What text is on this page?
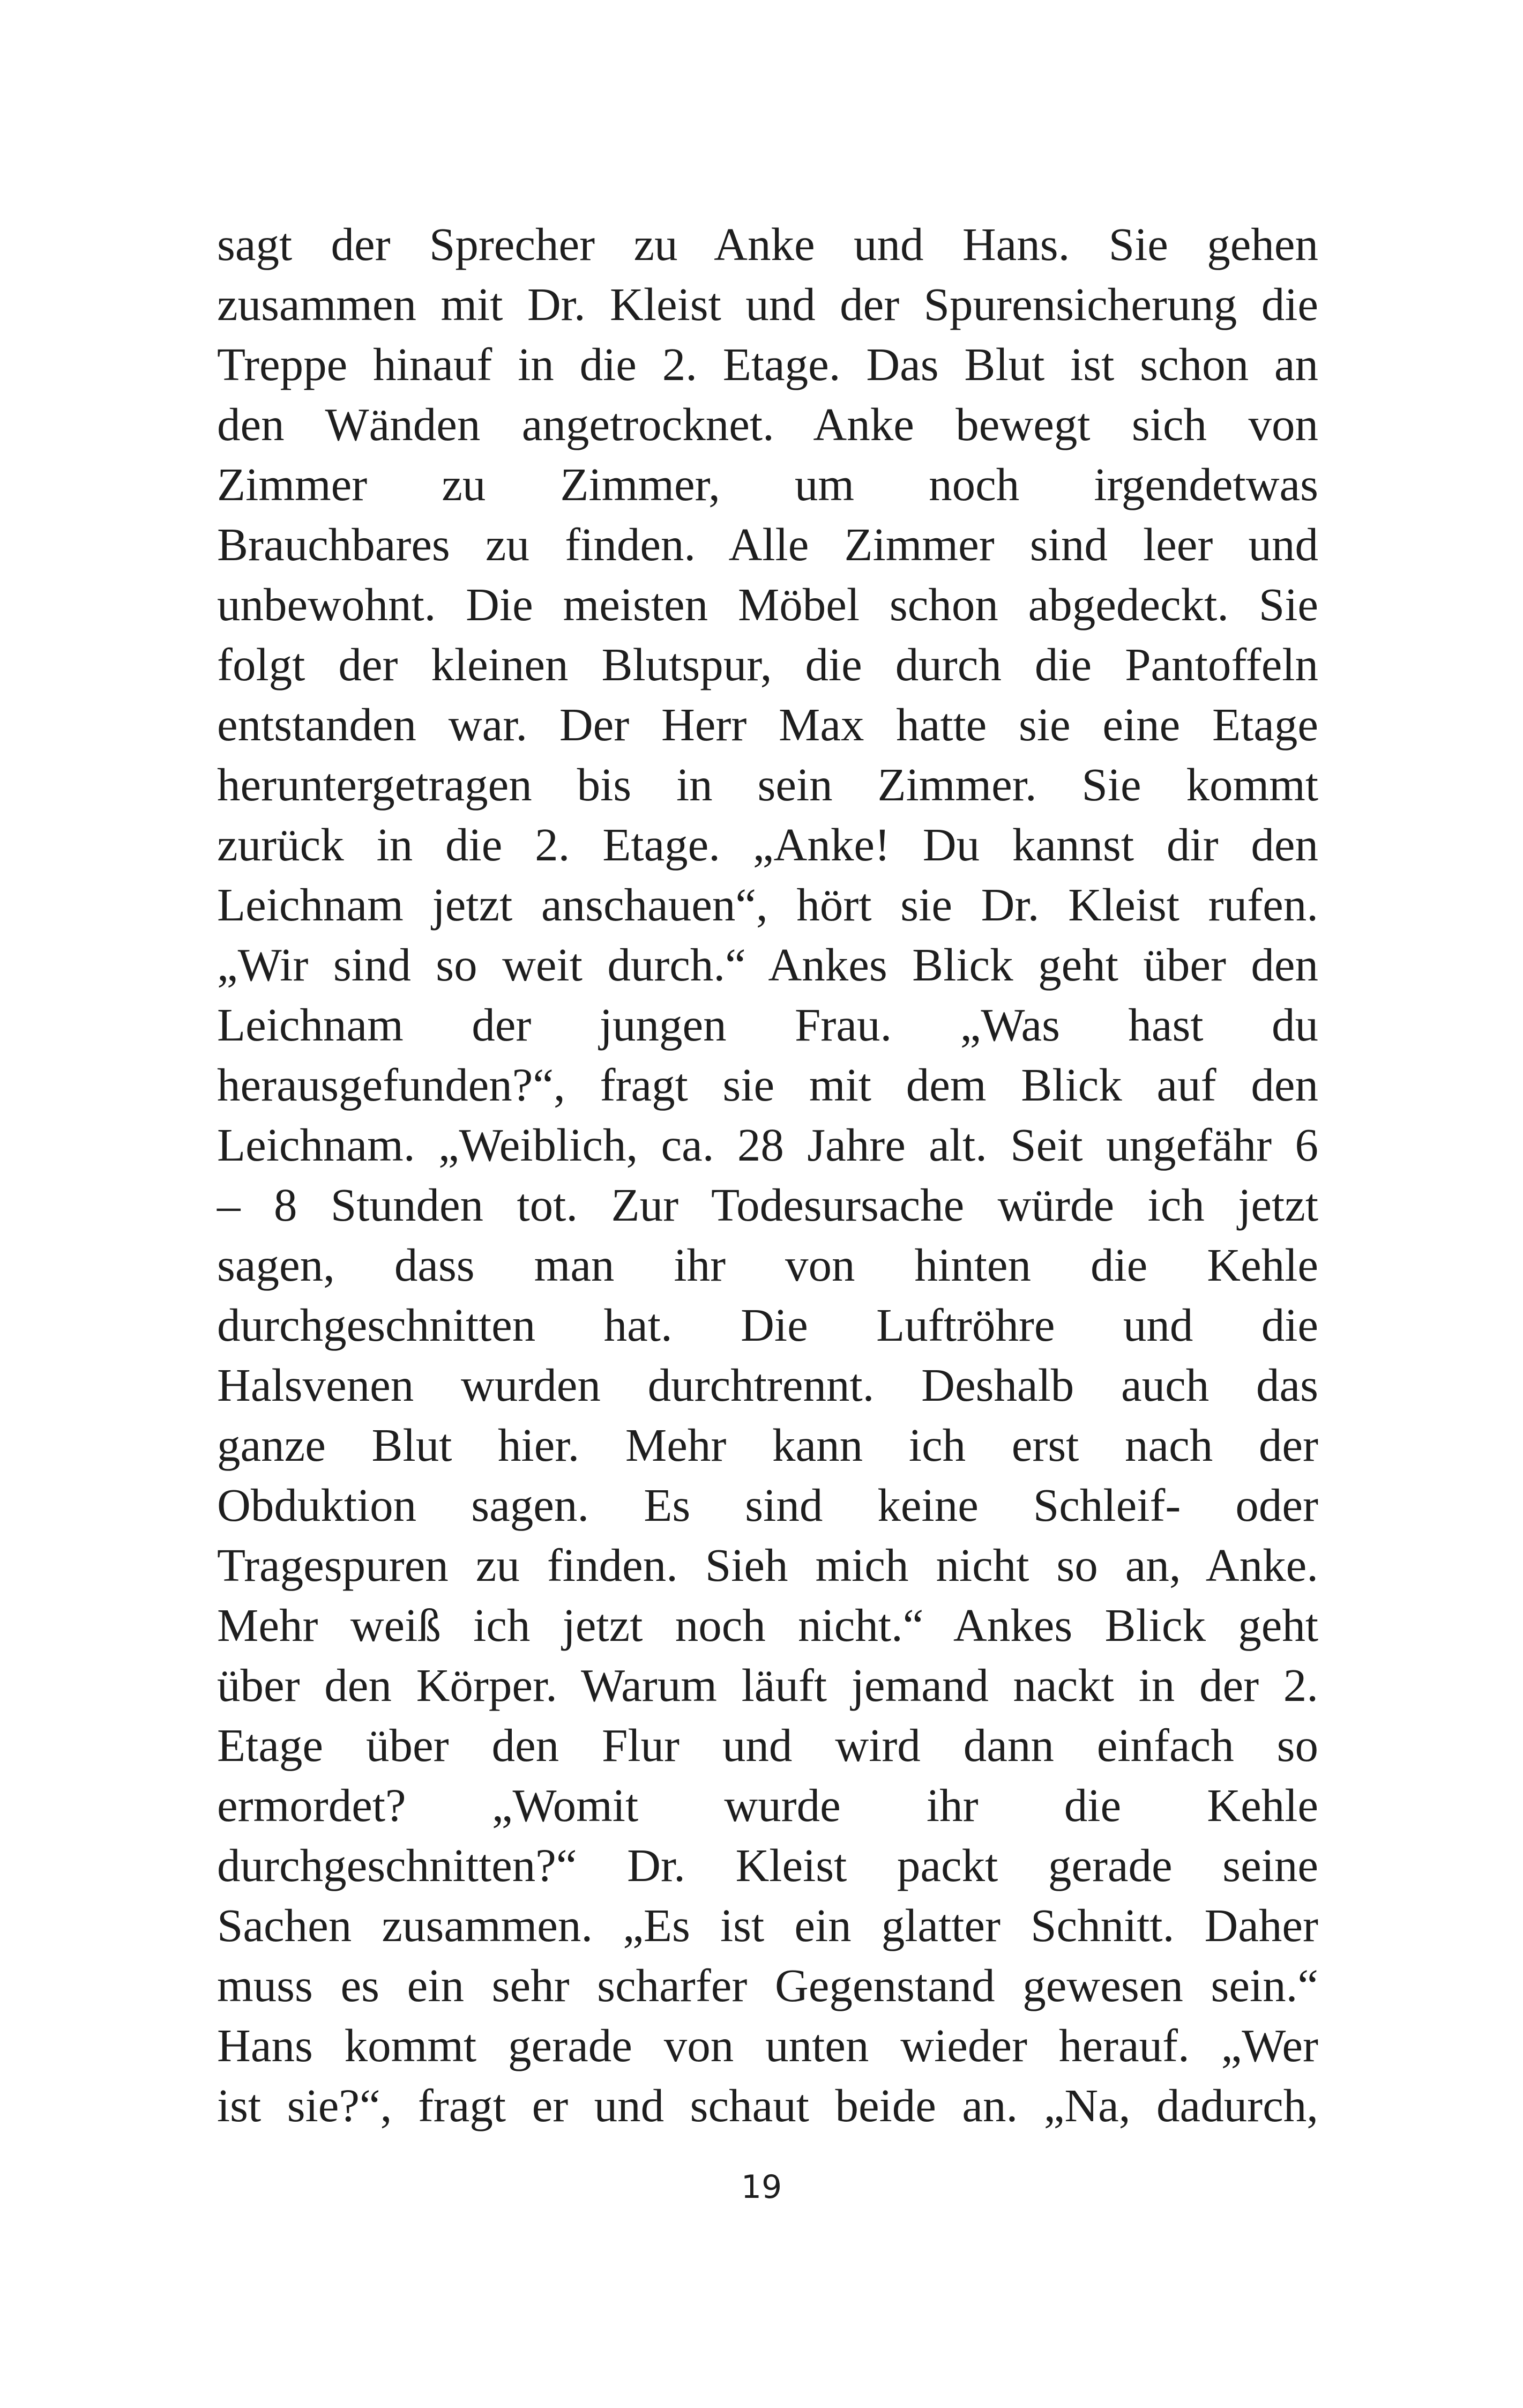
sagt der Sprecher zu Anke und Hans. Sie gehen
zusammen mit Dr. Kleist und der Spurensicherung die
Treppe hinauf in die 2. Etage. Das Blut ist schon an
den Wänden angetrocknet. Anke bewegt sich von
Zimmer zu Zimmer, um noch irgendetwas
Brauchbares zu finden. Alle Zimmer sind leer und
unbewohnt. Die meisten Möbel schon abgedeckt. Sie
folgt der kleinen Blutspur, die durch die Pantoffeln
entstanden war. Der Herr Max hatte sie eine Etage
heruntergetragen bis in sein Zimmer. Sie kommt
zurück in die 2. Etage. „Anke! Du kannst dir den
Leichnam jetzt anschauen“, hört sie Dr. Kleist rufen.
„Wir sind so weit durch.“ Ankes Blick geht über den
Leichnam der jungen Frau. „Was hast du
herausgefunden?“, fragt sie mit dem Blick auf den
Leichnam. „Weiblich, ca. 28 Jahre alt. Seit ungefähr 6
– 8 Stunden tot. Zur Todesursache würde ich jetzt
sagen, dass man ihr von hinten die Kehle
durchgeschnitten hat. Die Luftröhre und die
Halsvenen wurden durchtrennt. Deshalb auch das
ganze Blut hier. Mehr kann ich erst nach der
Obduktion sagen. Es sind keine Schleif- oder
Tragespuren zu finden. Sieh mich nicht so an, Anke.
Mehr weiß ich jetzt noch nicht.“ Ankes Blick geht
über den Körper. Warum läuft jemand nackt in der 2.
Etage über den Flur und wird dann einfach so
ermordet? „Womit wurde ihr die Kehle
durchgeschnitten?“ Dr. Kleist packt gerade seine
Sachen zusammen. „Es ist ein glatter Schnitt. Daher
muss es ein sehr scharfer Gegenstand gewesen sein.“
Hans kommt gerade von unten wieder herauf. „Wer
ist sie?“, fragt er und schaut beide an. „Na, dadurch,
19
